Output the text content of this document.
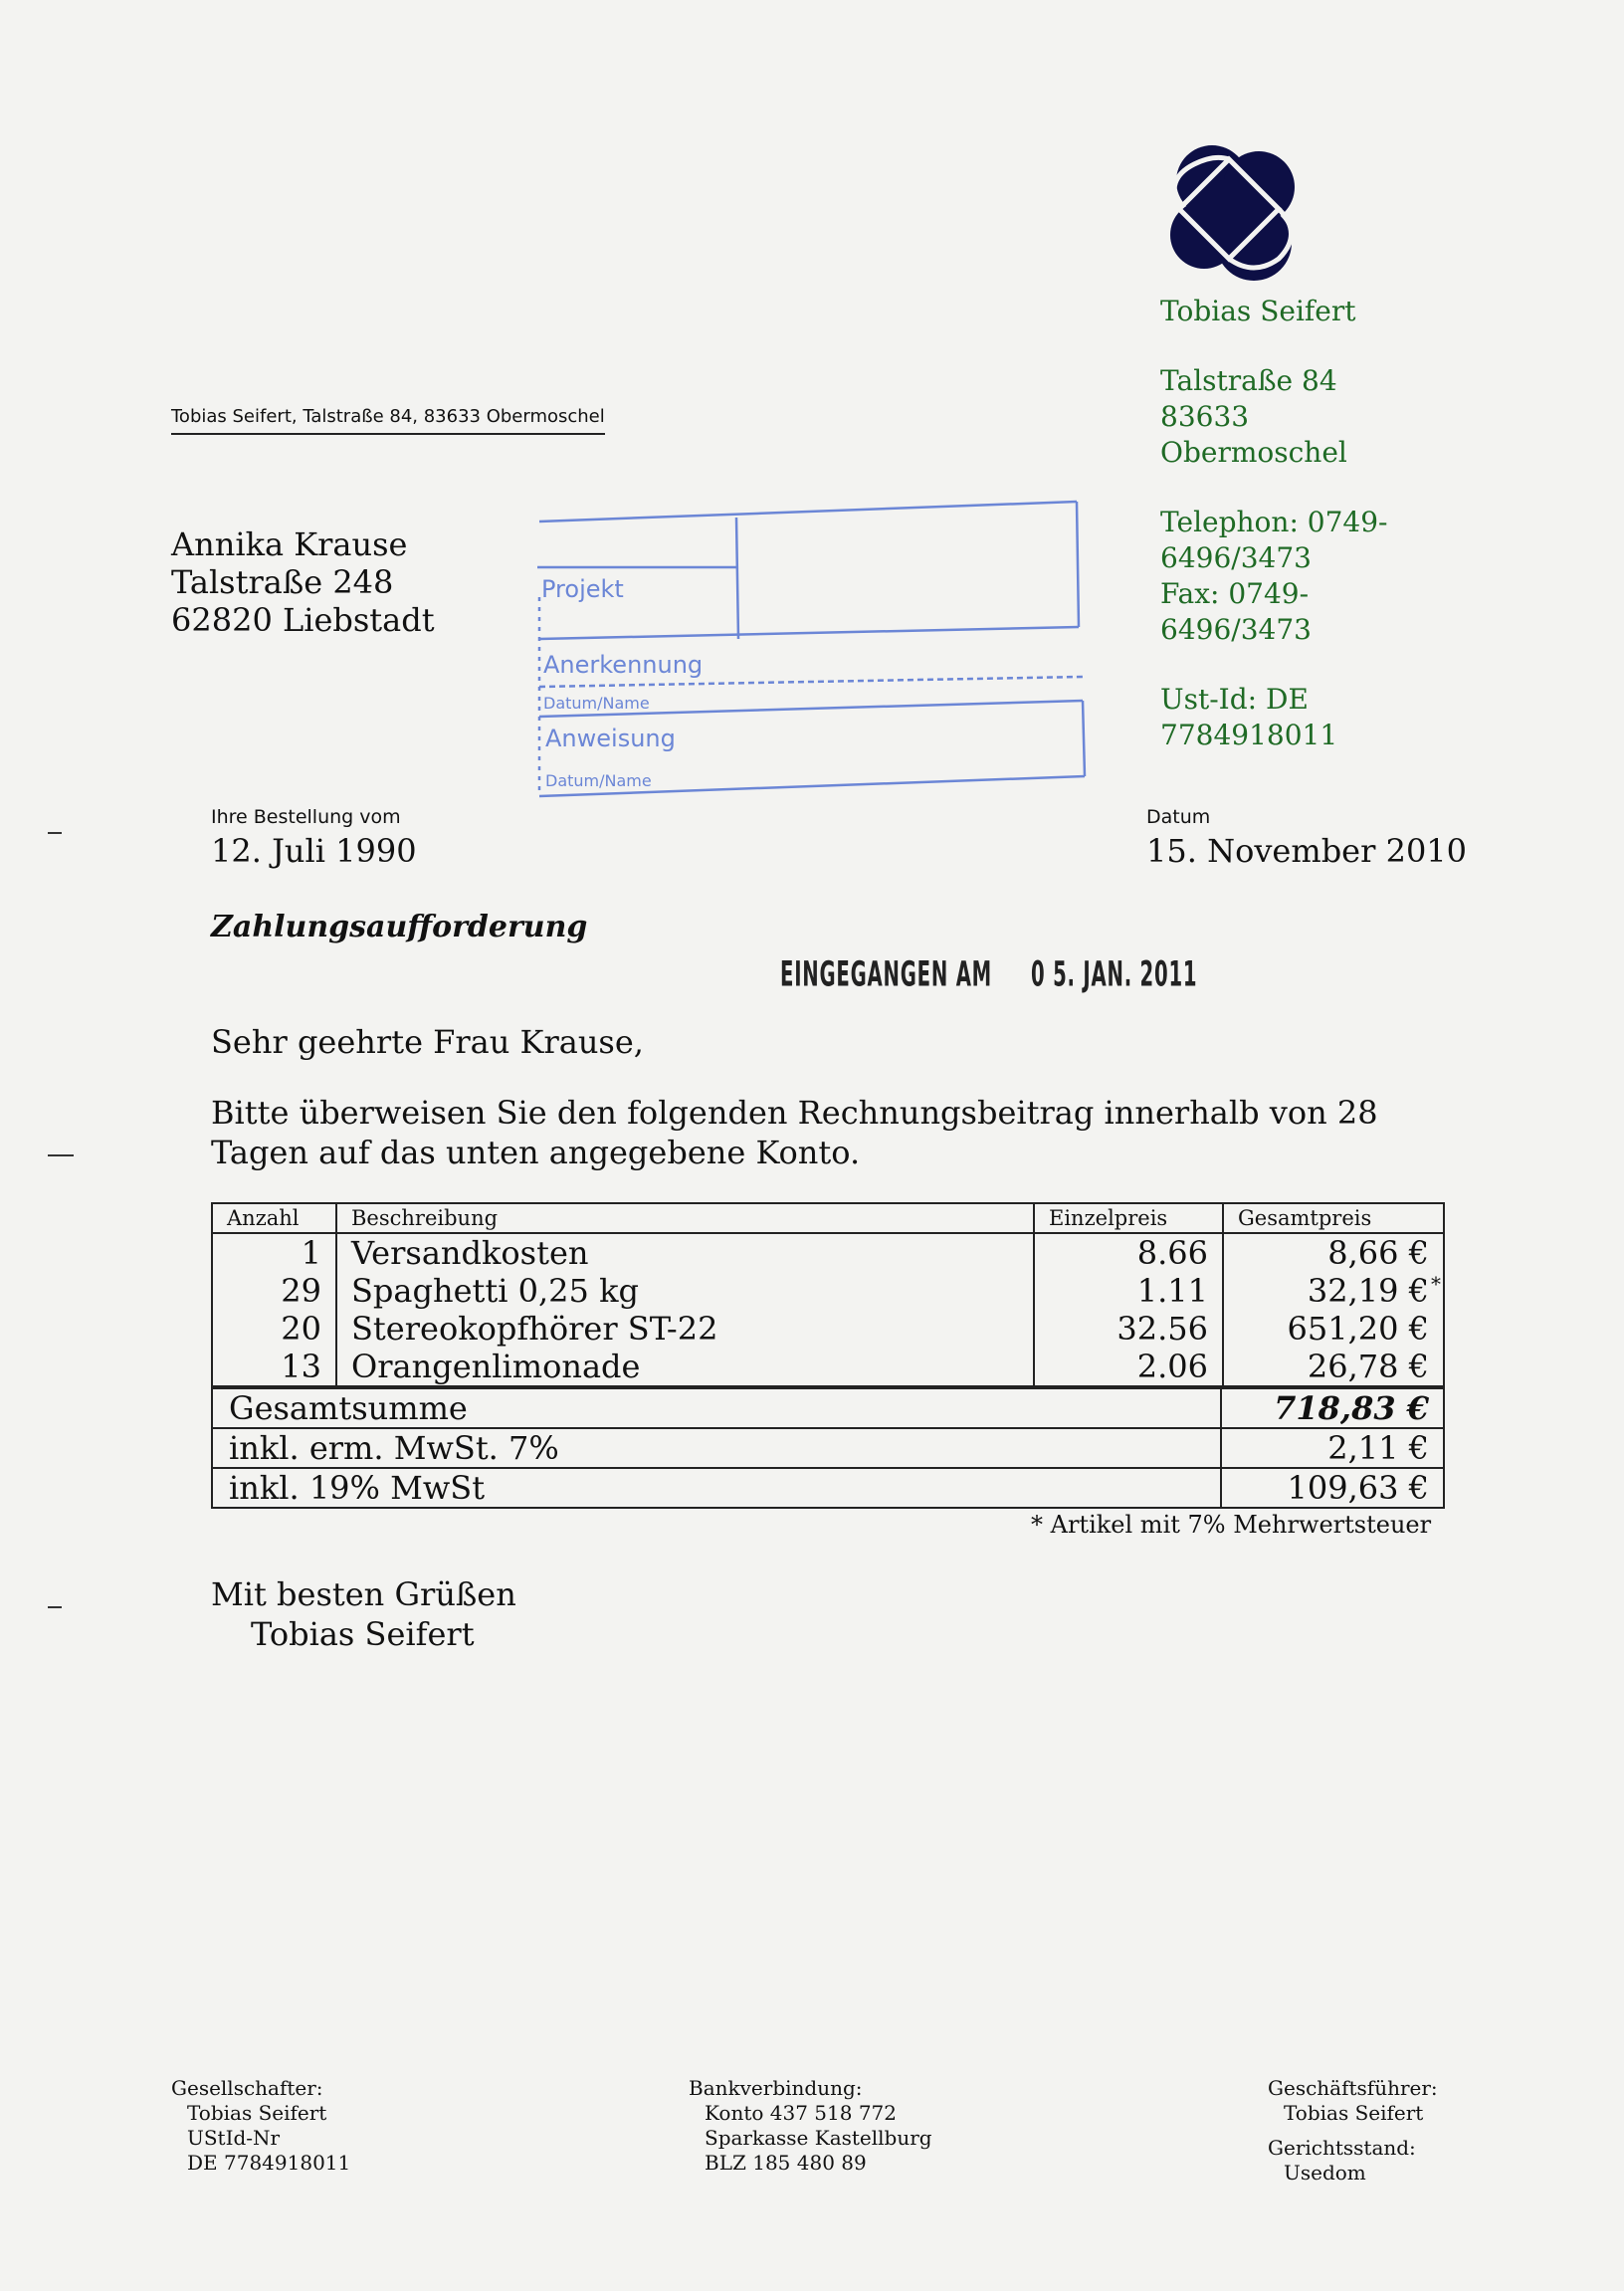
Tobias Seifert
Talstraße 84
83633
Obermoschel
Telephon: 0749-
6496/3473
Fax: 0749-
6496/3473
Ust-Id: DE
7784918011
Tobias Seifert, Talstraße 84, 83633 Obermoschel
Annika Krause
Talstraße 248
62820 Liebstadt
Projekt
Anerkennung
Datum/Name
Anweisung
Datum/Name
Ihre Bestellung vom
12. Juli 1990
Datum
15. November 2010
Zahlungsaufforderung
EINGEGANGEN AM 0 5. JAN. 2011
Sehr geehrte Frau Krause,
Bitte überweisen Sie den folgenden Rechnungsbeitrag innerhalb von 28 Tagen auf das unten angegebene Konto.
Anzahl	Beschreibung	Einzelpreis	Gesamtpreis
1	Versandkosten	8.66	8,66 €

29	Spaghetti 0,25 kg	1.11	32,19 € *

20	Stereokopfhörer ST-22	32.56	651,20 €

13	Orangenlimonade	2.06	26,78 €
Gesamtsumme	718,83 €
inkl. erm. MwSt. 7%	2,11 €
inkl. 19% MwSt	109,63 €
* Artikel mit 7% Mehrwertsteuer
Mit besten Grüßen
Tobias Seifert
Gesellschafter:
Tobias Seifert
UStId-Nr
DE 7784918011
Bankverbindung:
Konto 437 518 772
Sparkasse Kastellburg
BLZ 185 480 89
Geschäftsführer:
Tobias Seifert
Gerichtsstand:
Usedom
